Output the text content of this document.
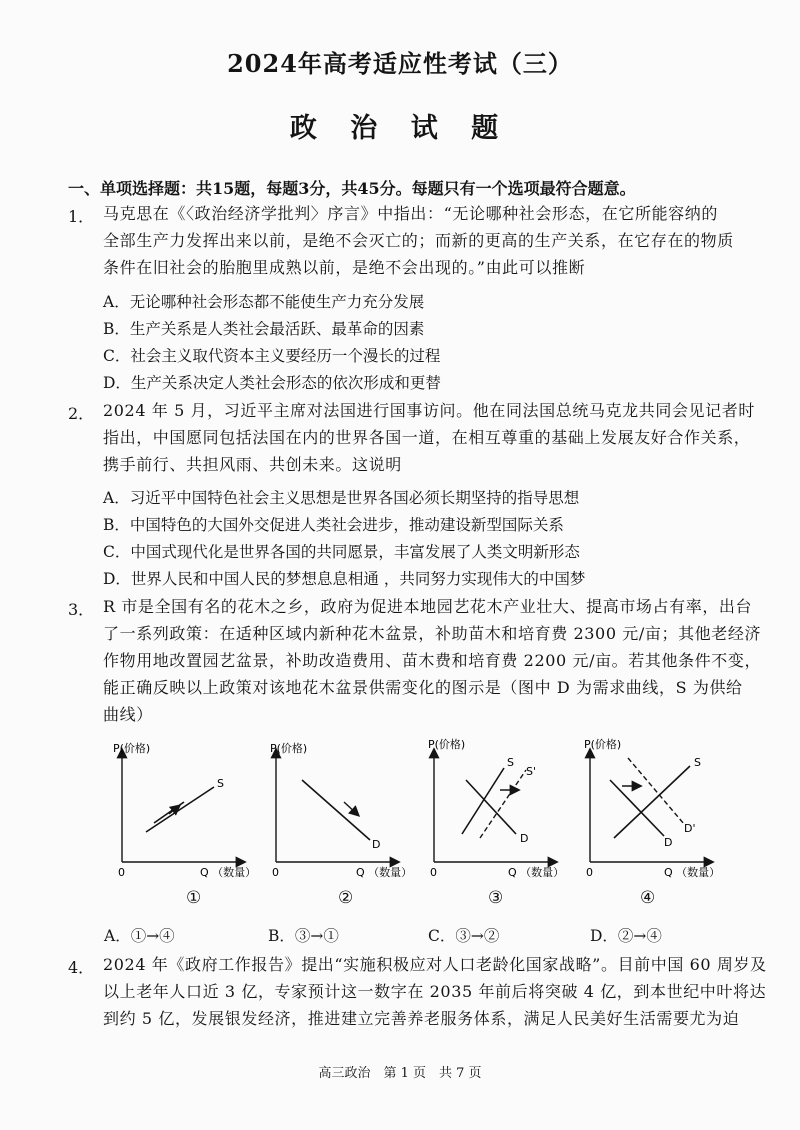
2024年高考适应性考试（三）
政 治 试 题
一、单项选择题：共15题，每题3分，共45分。每题只有一个选项最符合题意。
1． 马克思在《〈政治经济学批判〉序言》中指出：“无论哪种社会形态，在它所能容纳的
全部生产力发挥出来以前，是绝不会灭亡的；而新的更高的生产关系，在它存在的物质
条件在旧社会的胎胞里成熟以前，是绝不会出现的。”由此可以推断
A．无论哪种社会形态都不能使生产力充分发展
B．生产关系是人类社会最活跃、最革命的因素
C．社会主义取代资本主义要经历一个漫长的过程
D．生产关系决定人类社会形态的依次形成和更替
2． 2024 年 5 月，习近平主席对法国进行国事访问。他在同法国总统马克龙共同会见记者时
指出，中国愿同包括法国在内的世界各国一道，在相互尊重的基础上发展友好合作关系，
携手前行、共担风雨、共创未来。这说明
A．习近平中国特色社会主义思想是世界各国必须长期坚持的指导思想
B．中国特色的大国外交促进人类社会进步，推动建设新型国际关系
C．中国式现代化是世界各国的共同愿景，丰富发展了人类文明新形态
D．世界人民和中国人民的梦想息息相通 ，共同努力实现伟大的中国梦
3． R 市是全国有名的花木之乡，政府为促进本地园艺花木产业壮大、提高市场占有率，出台
了一系列政策：在适种区域内新种花木盆景，补助苗木和培育费 2300 元/亩；其他老经济
作物用地改置园艺盆景，补助改造费用、苗木费和培育费 2200 元/亩。若其他条件不变，
能正确反映以上政策对该地花木盆景供需变化的图示是（图中 D 为需求曲线，S 为供给
曲线）
P(价格)
Q （数量）
0
S
P(价格)
Q （数量）
0
D
P(价格)
Q （数量）
0
S
S'
D
P(价格)
Q （数量）
0
S
D
D'
①	②	③	④
A．①→④	B．③→①	C．③→②	D．②→④
4． 2024 年《政府工作报告》提出“实施积极应对人口老龄化国家战略”。目前中国 60 周岁及
以上老年人口近 3 亿，专家预计这一数字在 2035 年前后将突破 4 亿，到本世纪中叶将达
到约 5 亿，发展银发经济，推进建立完善养老服务体系，满足人民美好生活需要尤为迫
高三政治　第 1 页　共 7 页
